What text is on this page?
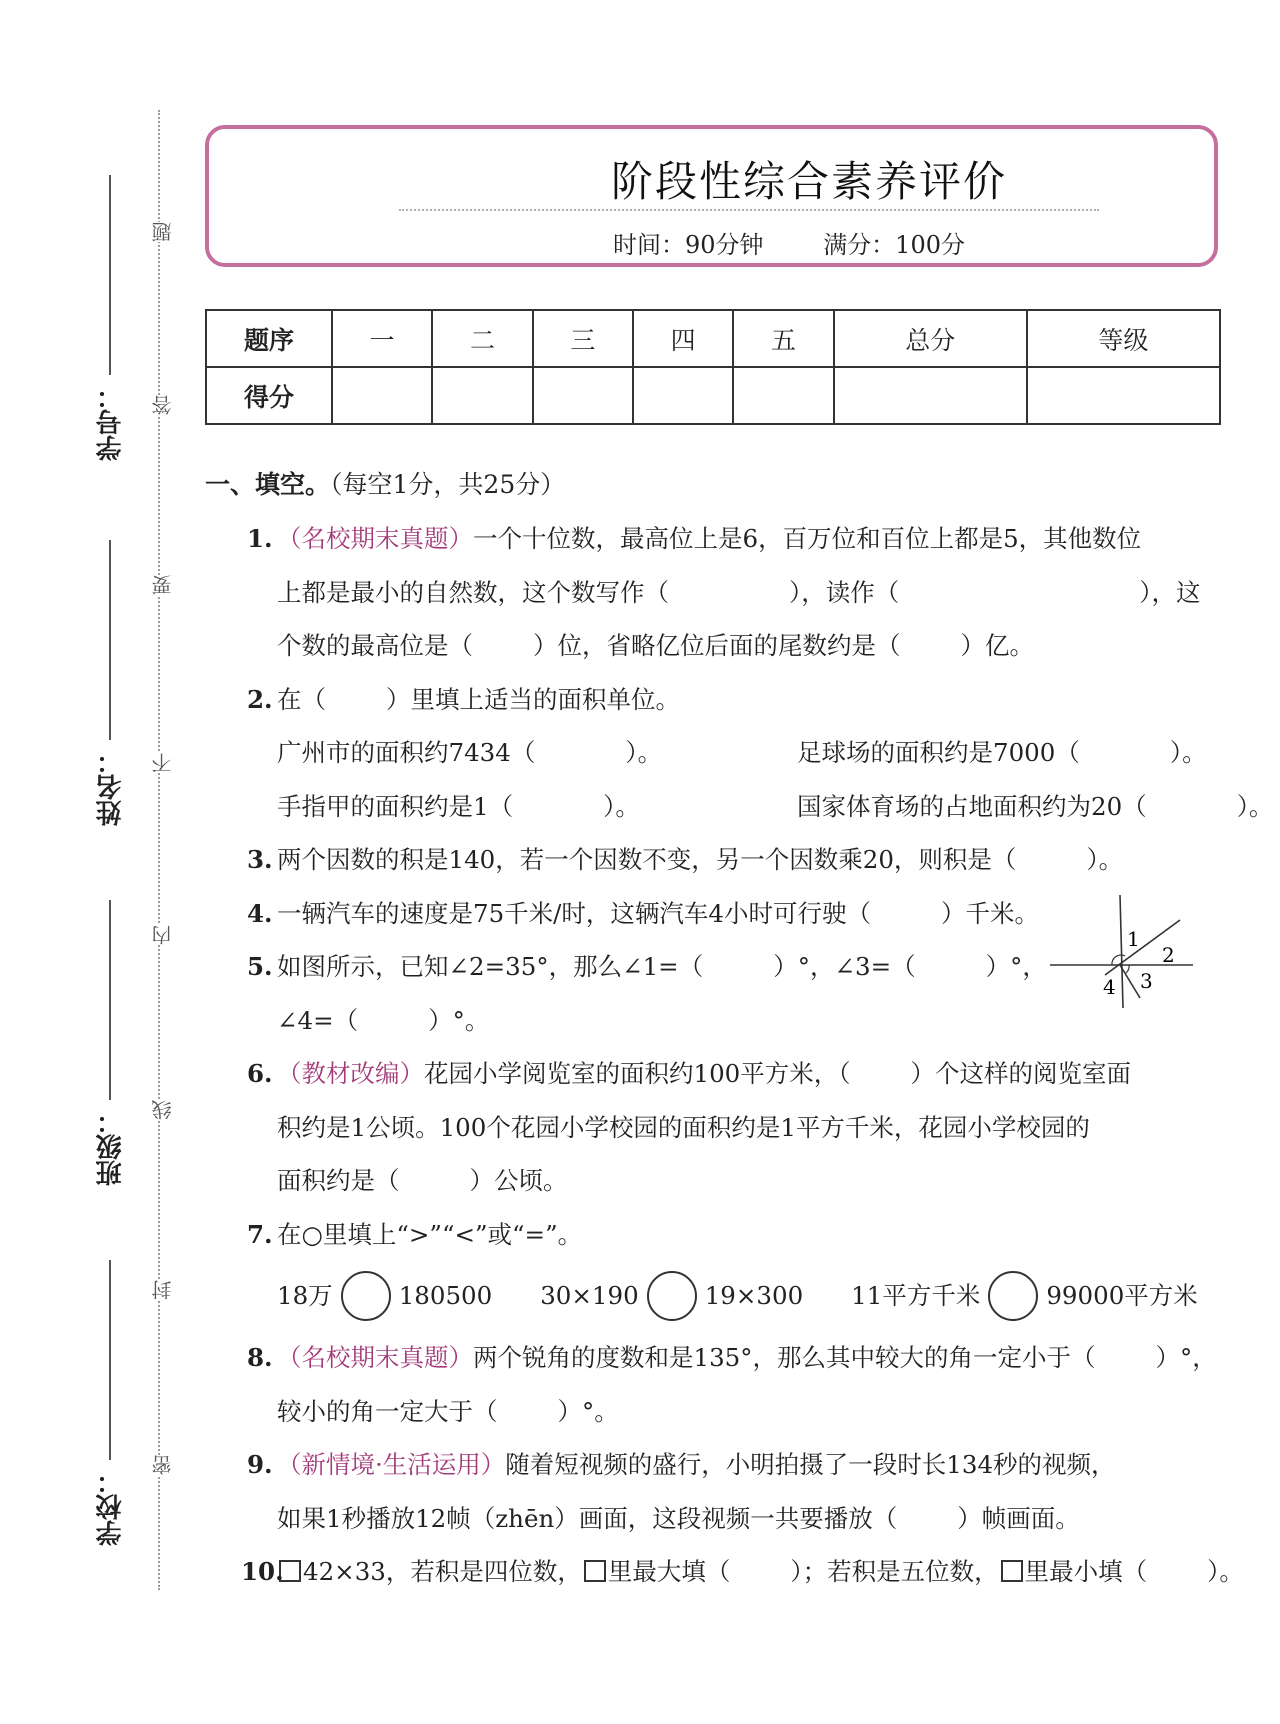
学号：
姓名：
班级：
学校：
题
答
要
不
内
线
封
密
阶段性综合素养评价
时间：90分钟 满分：100分
题序	一	二	三	四	五	总分	等级
得分							
一、填空。（每空1分，共25分）
1. （名校期末真题）一个十位数，最高位上是6，百万位和百位上都是5，其他数位
上都是最小的自然数，这个数写作（	），读作（	），这
个数的最高位是（ ）位，省略亿位后面的尾数约是（ ）亿。
2. 在（ ）里填上适当的面积单位。
广州市的面积约7434（	）。	足球场的面积约是7000（	）。
手指甲的面积约是1（	）。	国家体育场的占地面积约为20（	）。
3. 两个因数的积是140，若一个因数不变，另一个因数乘20，则积是（	）。
4. 一辆汽车的速度是75千米/时，这辆汽车4小时可行驶（	）千米。
5. 如图所示，已知∠2=35°，那么∠1=（	）°，∠3=（	）°，
∠4=（	）°。
6. （教材改编）花园小学阅览室的面积约100平方米，（ ）个这样的阅览室面
积约是1公顷。100个花园小学校园的面积约是1平方千米，花园小学校园的
面积约是（	）公顷。
7. 在○里填上“>”“<”或“=”。
18万	180500 30×190	19×300 11平方千米	99000平方米
8. （名校期末真题）两个锐角的度数和是135°，那么其中较大的角一定小于（ ）°，
较小的角一定大于（ ）°。
9. （新情境·生活运用）随着短视频的盛行，小明拍摄了一段时长134秒的视频，
如果1秒播放12帧（zhēn）画面，这段视频一共要播放（ ）帧画面。
10. 42×33，若积是四位数， 里最大填（ ）；若积是五位数， 里最小填（ ）。
1
2
3
4
